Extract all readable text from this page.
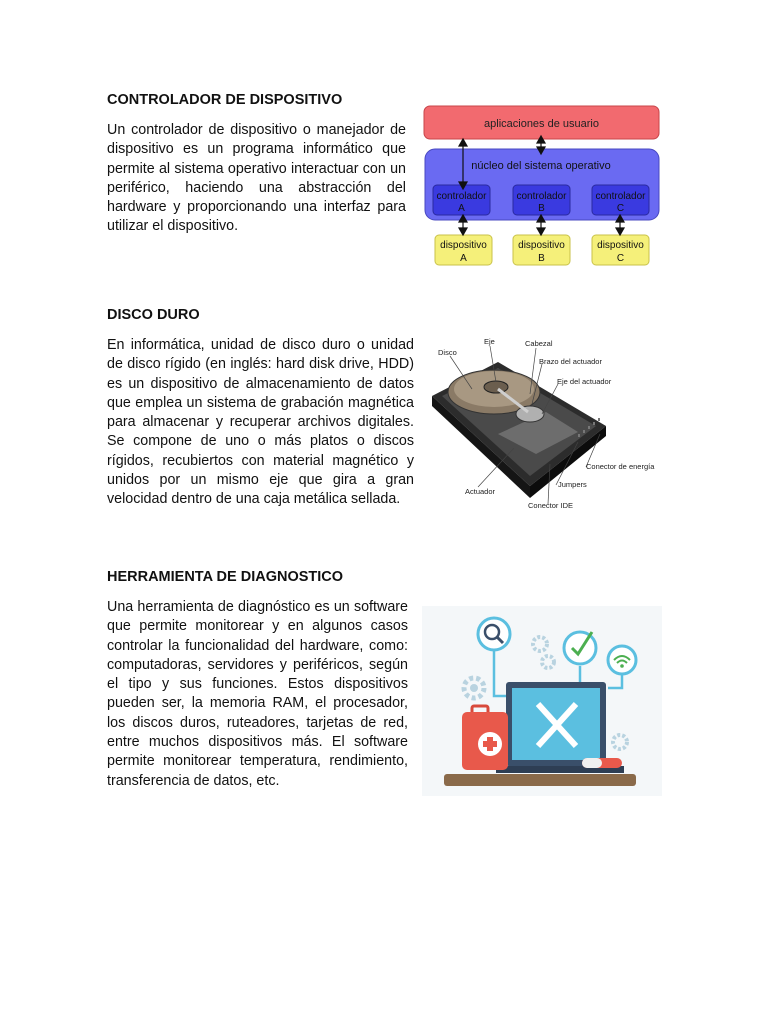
CONTROLADOR DE DISPOSITIVO

Un controlador de dispositivo o manejador de dispositivo es un programa informático que permite al sistema operativo interactuar con un periférico, haciendo una abstracción del hardware y proporcionando una interfaz para utilizar el dispositivo.

aplicaciones de usuario
núcleo del sistema operativo
controlador
A
controlador
B
controlador
C
dispositivo
A
dispositivo
B
dispositivo
C
DISCO DURO

En informática, unidad de disco duro o unidad de disco rígido (en inglés: hard disk drive, HDD) es un dispositivo de almacenamiento de datos que emplea un sistema de grabación magnética para almacenar y recuperar archivos digitales. Se compone de uno o más platos o discos rígidos, recubiertos con material magnético y unidos por un mismo eje que gira a gran velocidad dentro de una caja metálica sellada.

Disco
Eje	Cabezal
Brazo del actuador
Eje del actuador
Conector de energía
Jumpers
Actuador
Conector IDE
HERRAMIENTA DE DIAGNOSTICO

Una herramienta de diagnóstico es un software que permite monitorear y en algunos casos controlar la funcionalidad del hardware, como: computadoras, servidores y periféricos, según el tipo y sus funciones. Estos dispositivos pueden ser, la memoria RAM, el procesador, los discos duros, ruteadores, tarjetas de red, entre muchos dispositivos más. El software permite monitorear temperatura, rendimiento, transferencia de datos, etc.
